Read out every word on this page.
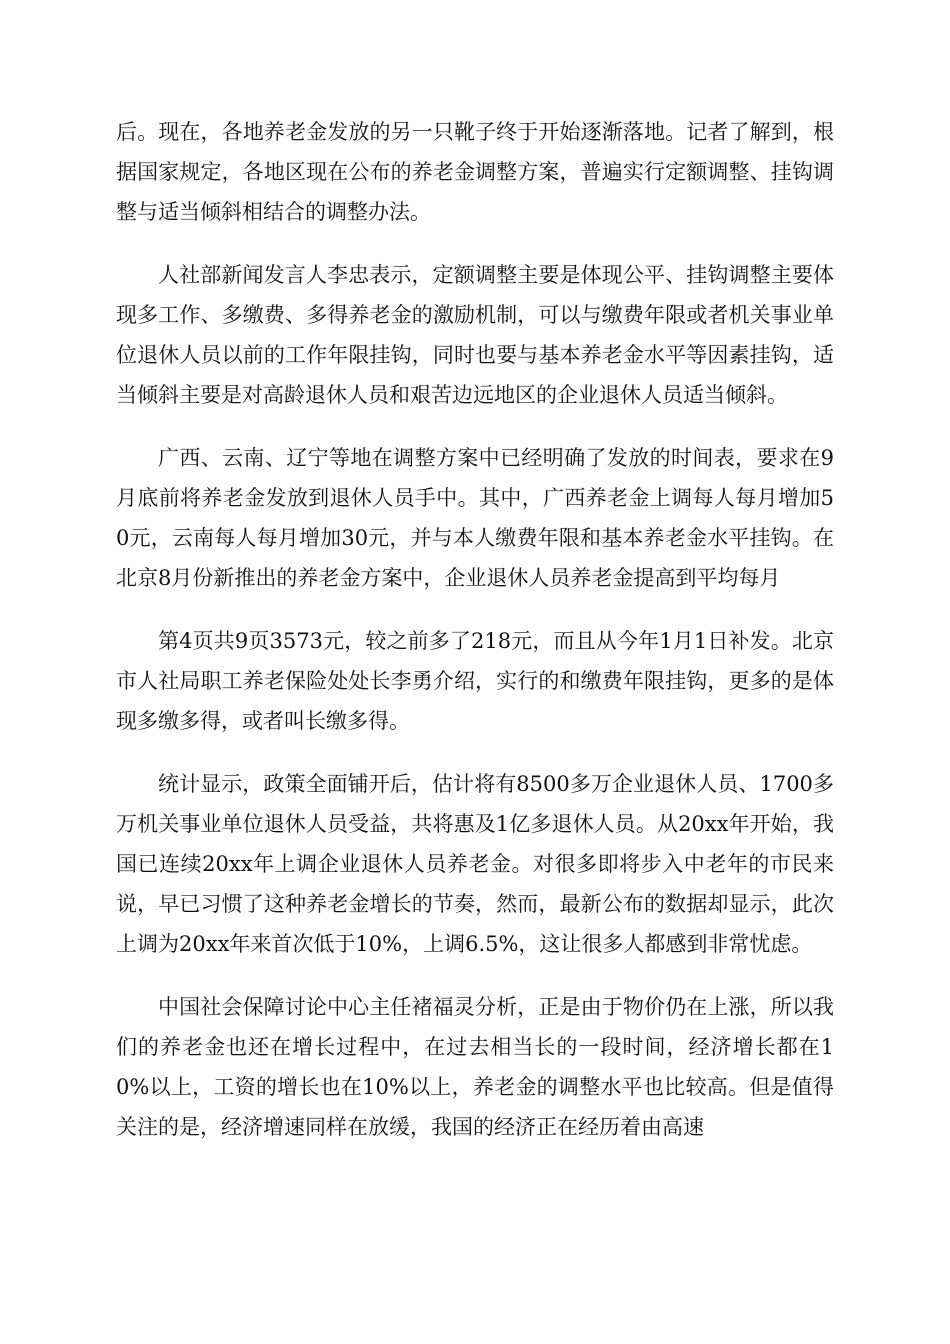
后。现在，各地养老金发放的另一只靴子终于开始逐渐落地。记者了解到，根据国家规定，各地区现在公布的养老金调整方案，普遍实行定额调整、挂钩调整与适当倾斜相结合的调整办法。

人社部新闻发言人李忠表示，定额调整主要是体现公平、挂钩调整主要体现多工作、多缴费、多得养老金的激励机制，可以与缴费年限或者机关事业单位退休人员以前的工作年限挂钩，同时也要与基本养老金水平等因素挂钩，适当倾斜主要是对高龄退休人员和艰苦边远地区的企业退休人员适当倾斜。

广西、云南、辽宁等地在调整方案中已经明确了发放的时间表，要求在9月底前将养老金发放到退休人员手中。其中，广西养老金上调每人每月增加50元，云南每人每月增加30元，并与本人缴费年限和基本养老金水平挂钩。在北京8月份新推出的养老金方案中，企业退休人员养老金提高到平均每月

第4页共9页3573元，较之前多了218元，而且从今年1月1日补发。北京市人社局职工养老保险处处长李勇介绍，实行的和缴费年限挂钩，更多的是体现多缴多得，或者叫长缴多得。

统计显示，政策全面铺开后，估计将有8500多万企业退休人员、1700多万机关事业单位退休人员受益，共将惠及1亿多退休人员。从20xx年开始，我国已连续20xx年上调企业退休人员养老金。对很多即将步入中老年的市民来说，早已习惯了这种养老金增长的节奏，然而，最新公布的数据却显示，此次上调为20xx年来首次低于10%，上调6.5%，这让很多人都感到非常忧虑。

中国社会保障讨论中心主任褚福灵分析，正是由于物价仍在上涨，所以我们的养老金也还在增长过程中，在过去相当长的一段时间，经济增长都在10%以上，工资的增长也在10%以上，养老金的调整水平也比较高。但是值得关注的是，经济增速同样在放缓，我国的经济正在经历着由高速
